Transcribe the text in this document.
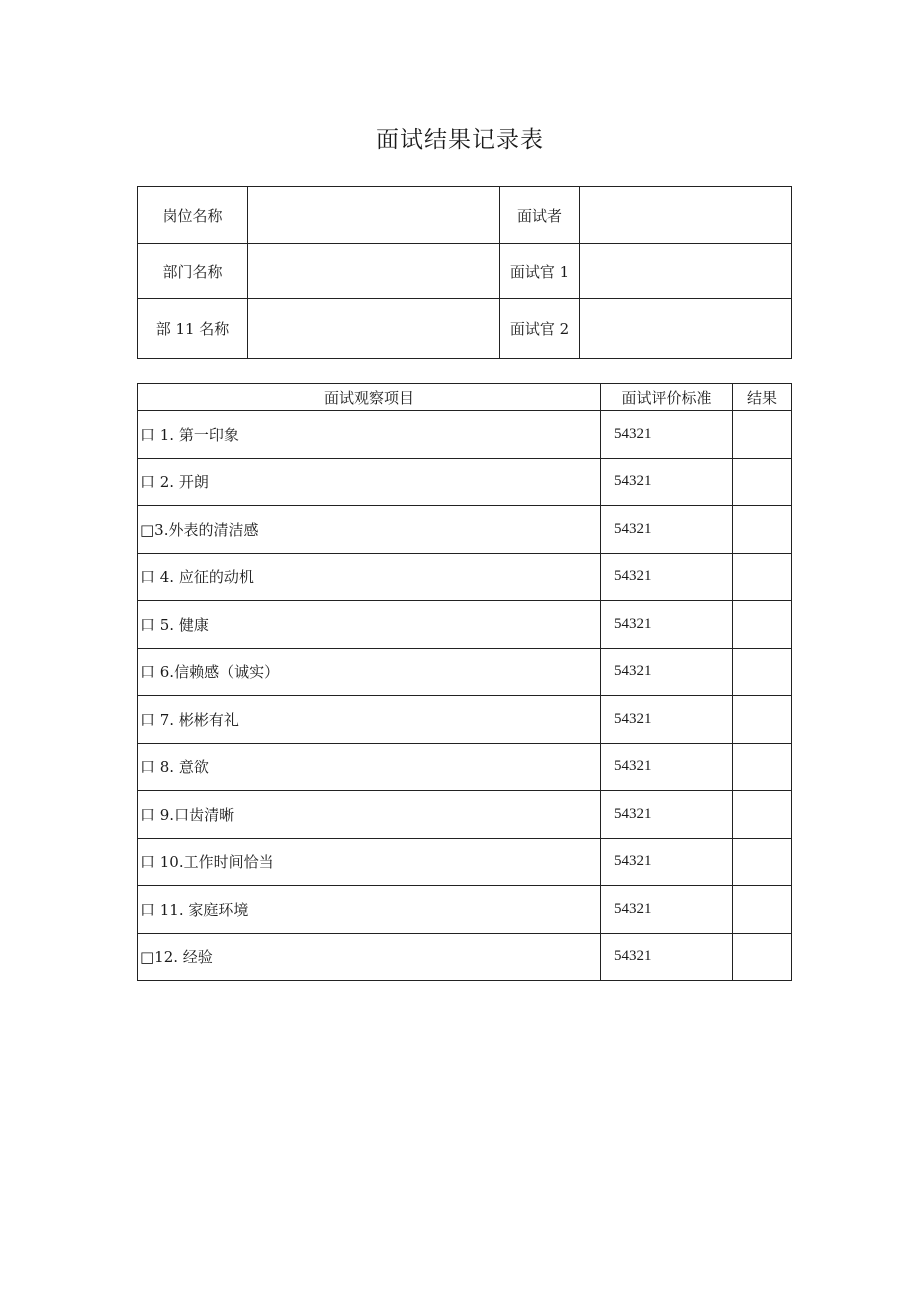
面试结果记录表
岗位名称		面试者	
部门名称		面试官 1	
部 11 名称		面试官 2	
面试观察项目	面试评价标准	结果
口 1. 第一印象	54321	
口 2. 开朗	54321	
□3.外表的清洁感	54321	
口 4. 应征的动机	54321	
口 5. 健康	54321	
口 6.信赖感（诚实）	54321	
口 7. 彬彬有礼	54321	
口 8. 意欲	54321	
口 9.口齿清晰	54321	
口 10.工作时间恰当	54321	
口 11. 家庭环境	54321	
□12. 经验	54321	
